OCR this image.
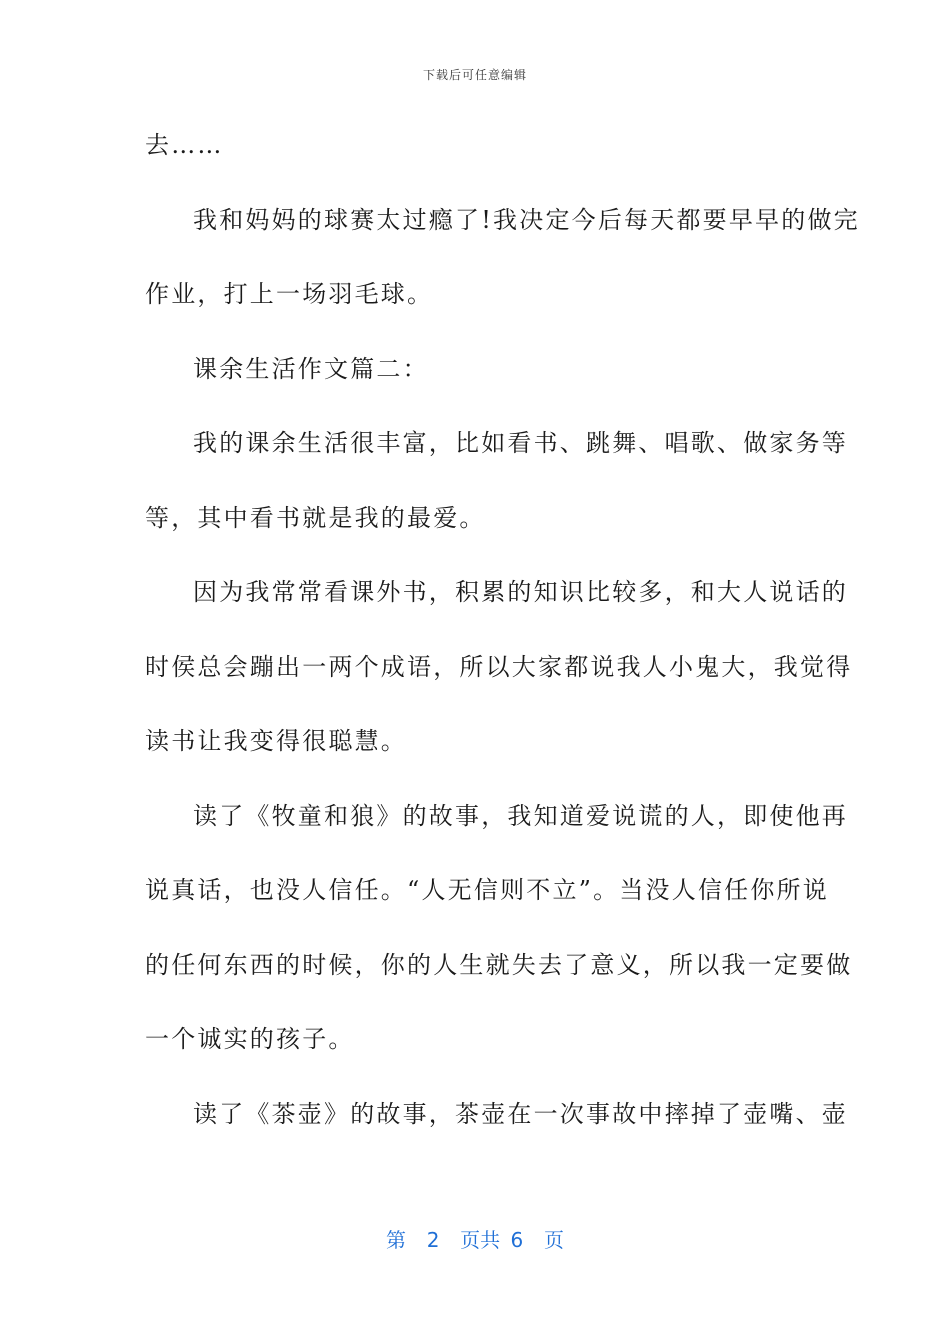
下载后可任意编辑
去……
我和妈妈的球赛太过瘾了!我决定今后每天都要早早的做完
作业，打上一场羽毛球。
课余生活作文篇二：
我的课余生活很丰富，比如看书、跳舞、唱歌、做家务等
等，其中看书就是我的最爱。
因为我常常看课外书，积累的知识比较多，和大人说话的
时侯总会蹦出一两个成语，所以大家都说我人小鬼大，我觉得
读书让我变得很聪慧。
读了《牧童和狼》的故事，我知道爱说谎的人，即使他再
说真话，也没人信任。“人无信则不立”。当没人信任你所说
的任何东西的时候，你的人生就失去了意义，所以我一定要做
一个诚实的孩子。
读了《茶壶》的故事，茶壶在一次事故中摔掉了壶嘴、壶
第  2  页共 6  页
